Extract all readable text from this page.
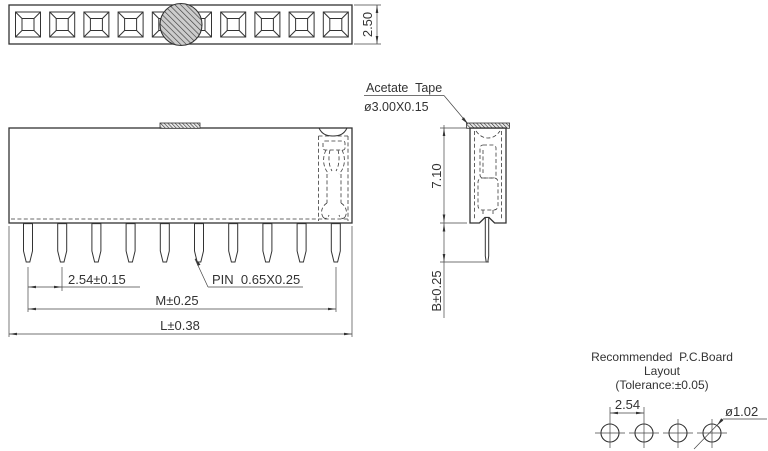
2.50
2.54±0.15
M±0.25
L±0.38
PIN  0.65X0.25
Acetate  Tape
ø3.00X0.15
7.10
B±0.25
Recommended  P.C.Board
Layout
(Tolerance:±0.05)
2.54	ø1.02
